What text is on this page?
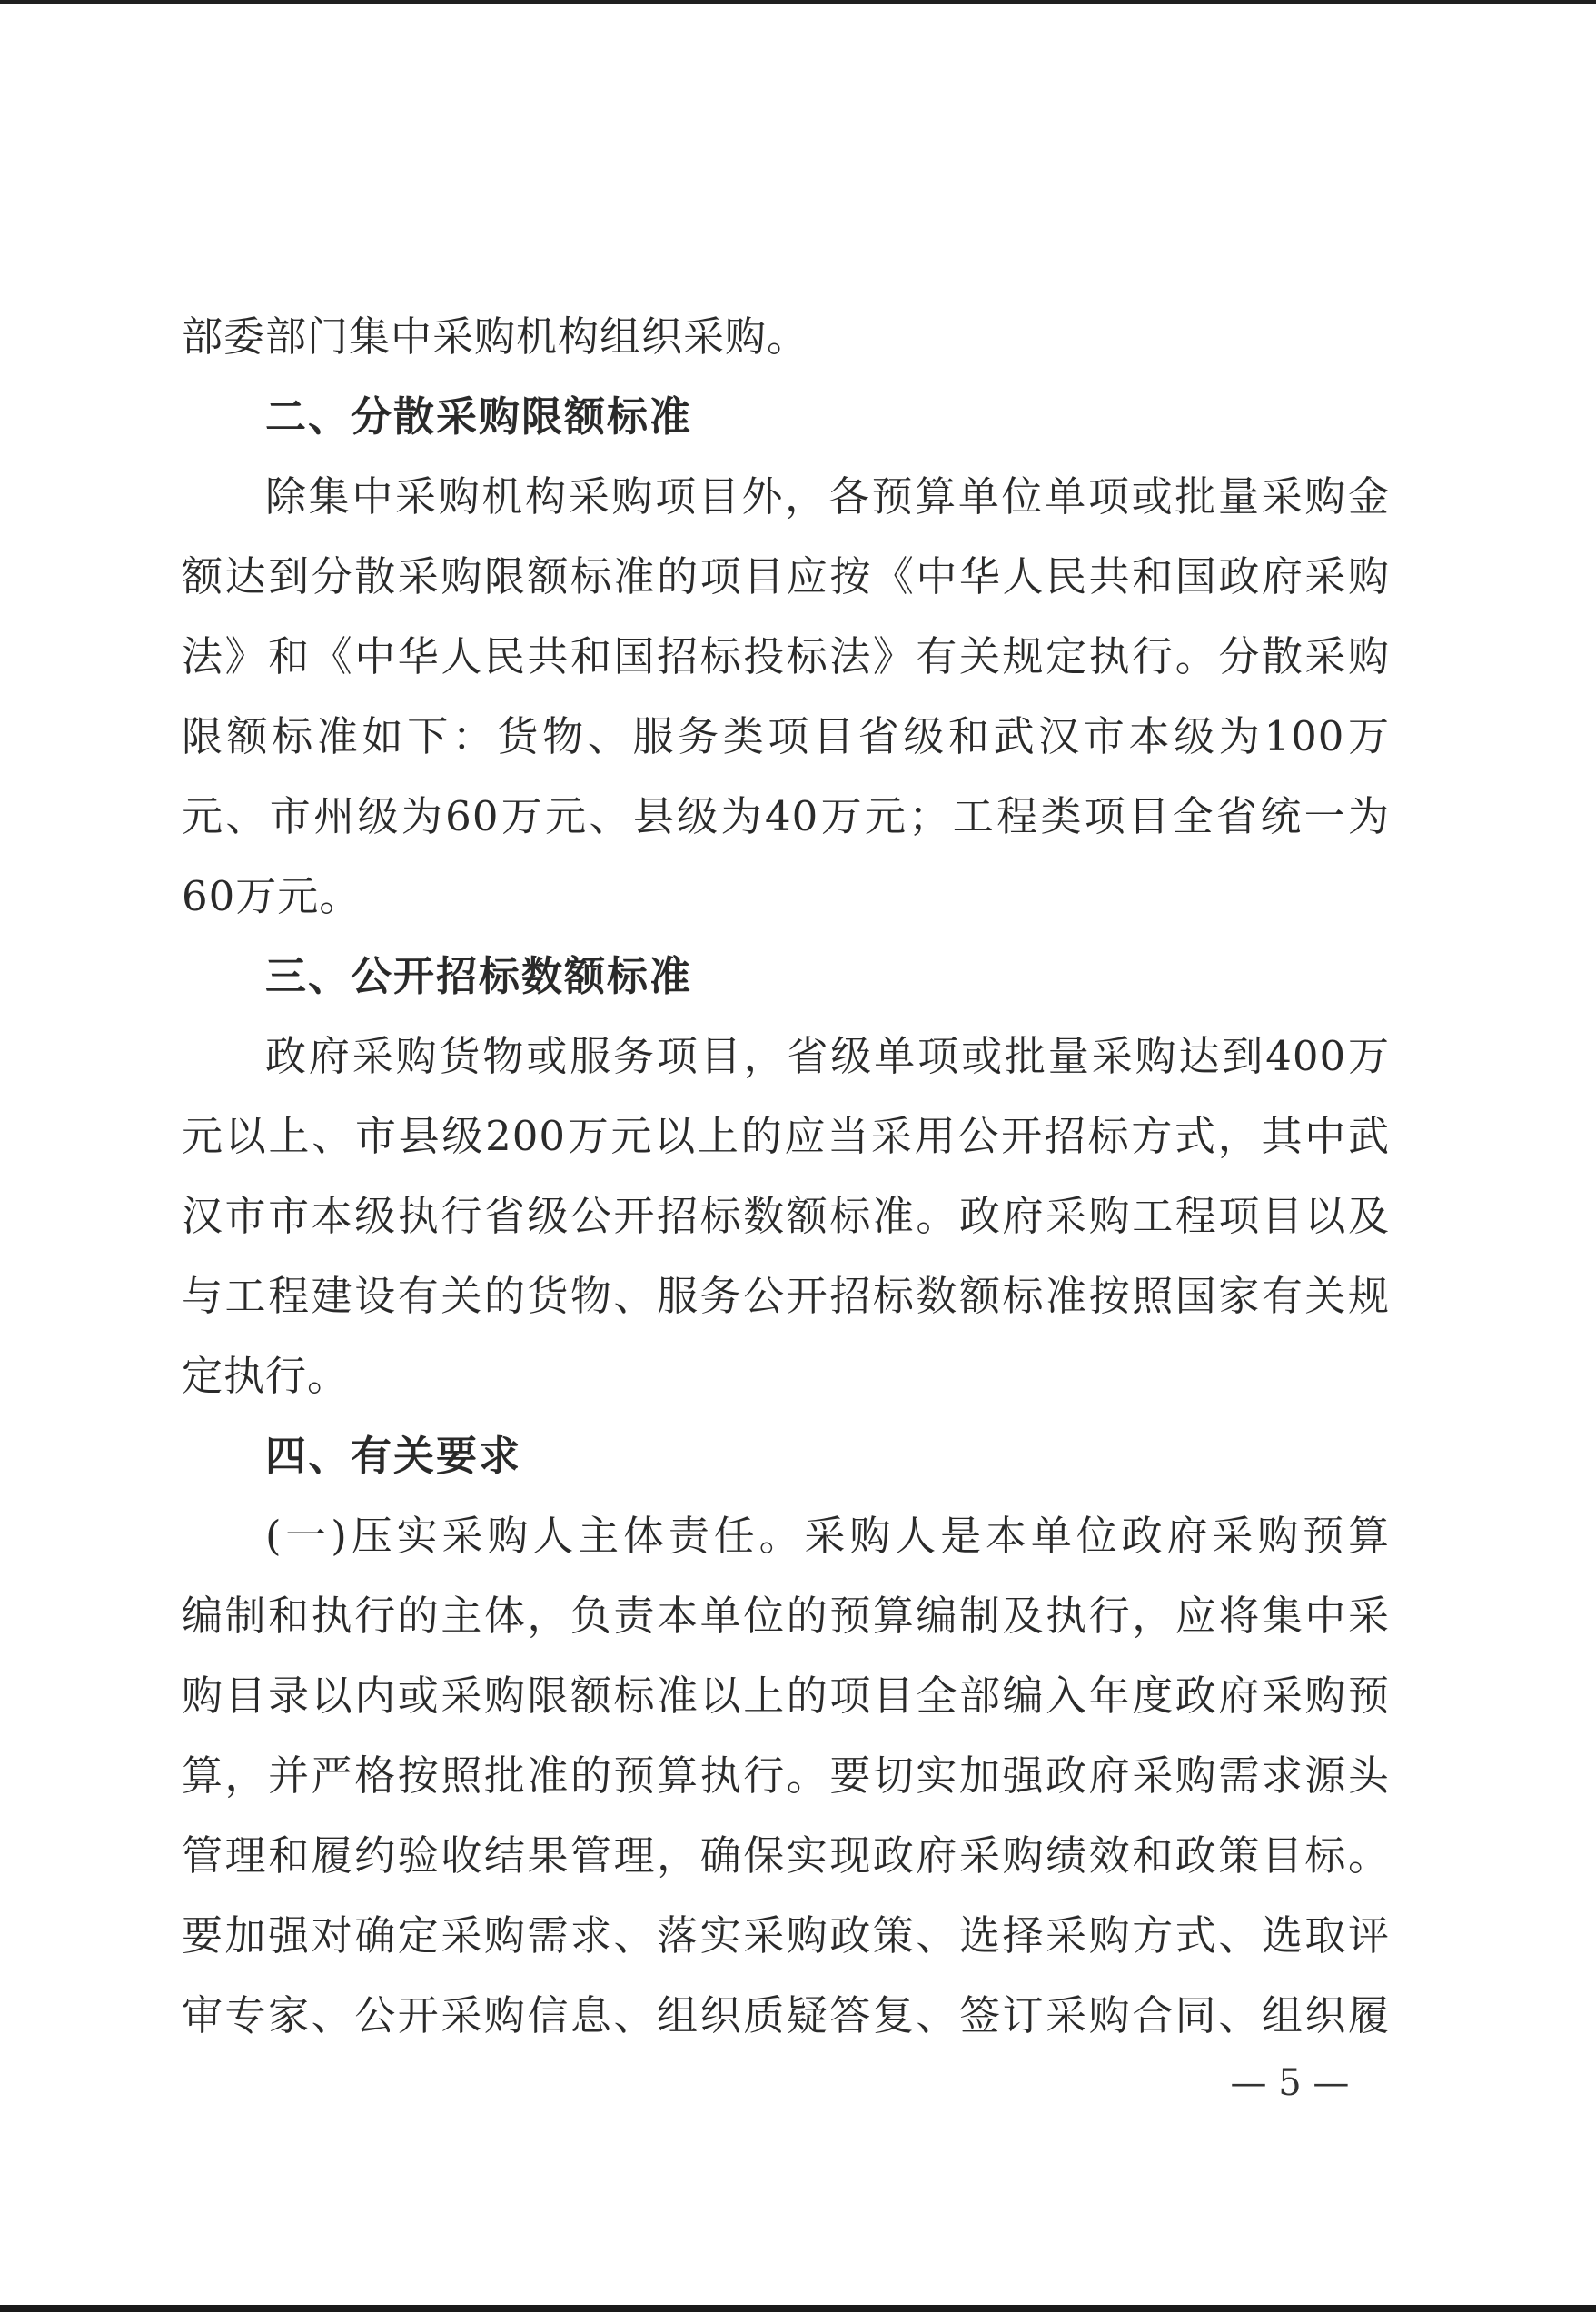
部委部门集中采购机构组织采购。
二、分散采购限额标准
除集中采购机构采购项目外，各预算单位单项或批量采购金
额达到分散采购限额标准的项目应按《中华人民共和国政府采购
法》和《中华人民共和国招标投标法》有关规定执行。分散采购
限额标准如下：货物、服务类项目省级和武汉市本级为100万
元、市州级为60万元、县级为40万元；工程类项目全省统一为
60万元。
三、公开招标数额标准
政府采购货物或服务项目，省级单项或批量采购达到400万
元以上、市县级200万元以上的应当采用公开招标方式，其中武
汉市市本级执行省级公开招标数额标准。政府采购工程项目以及
与工程建设有关的货物、服务公开招标数额标准按照国家有关规
定执行。
四、有关要求
(一)压实采购人主体责任。采购人是本单位政府采购预算
编制和执行的主体，负责本单位的预算编制及执行，应将集中采
购目录以内或采购限额标准以上的项目全部编入年度政府采购预
算，并严格按照批准的预算执行。要切实加强政府采购需求源头
管理和履约验收结果管理，确保实现政府采购绩效和政策目标。
要加强对确定采购需求、落实采购政策、选择采购方式、选取评
审专家、公开采购信息、组织质疑答复、签订采购合同、组织履
— 5 —
